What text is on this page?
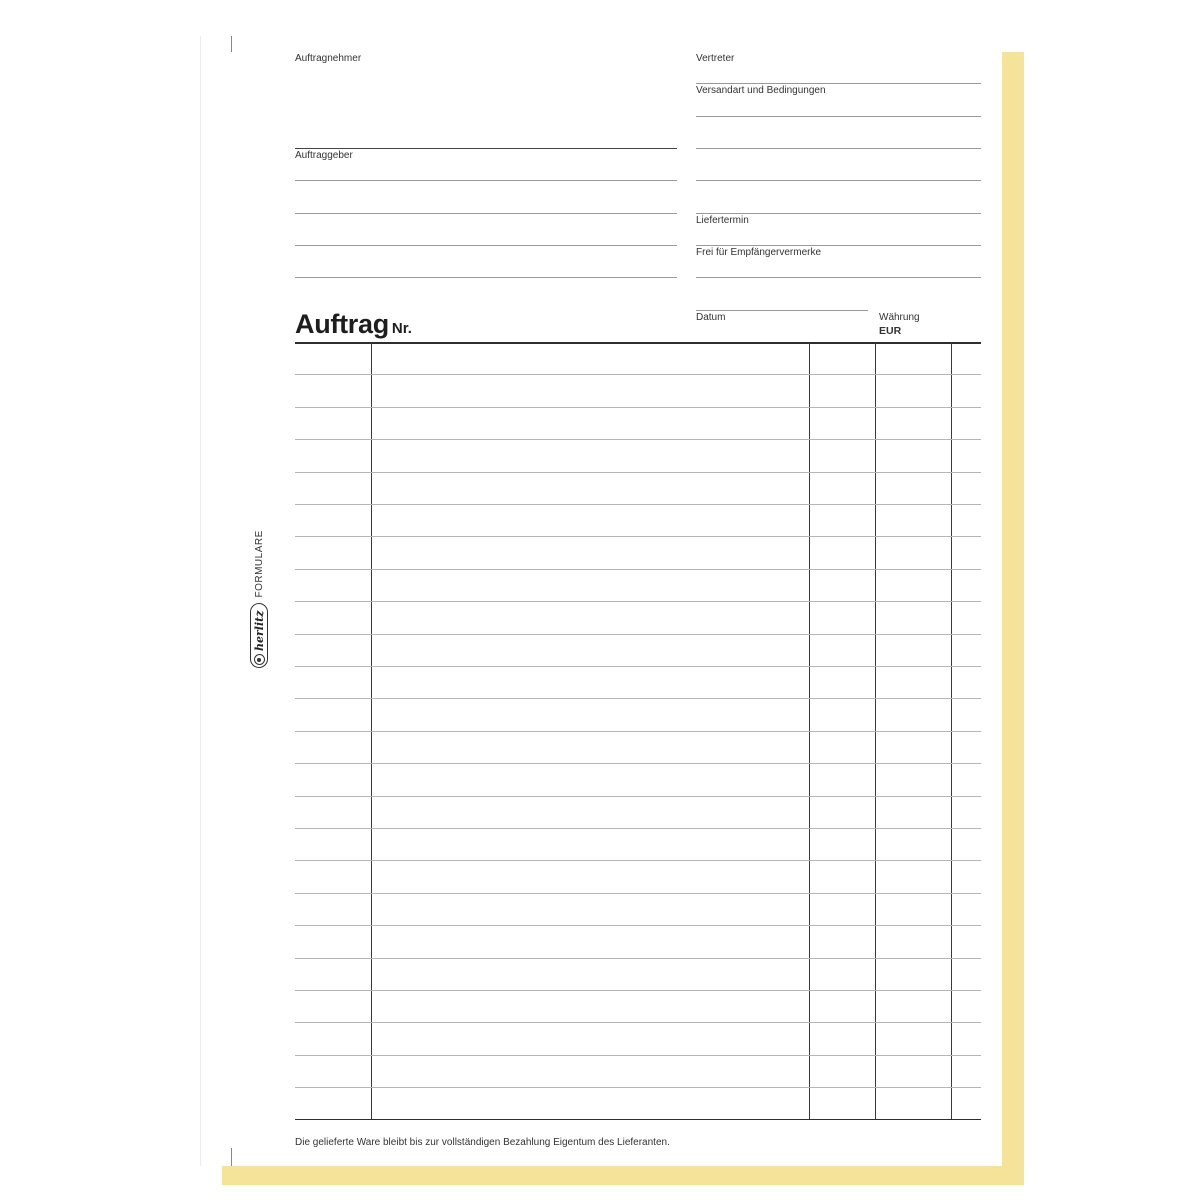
Auftragnehmer
Auftraggeber
Vertreter
Versandart und Bedingungen
Liefertermin
Frei für Empfängervermerke
Auftrag Nr.
Datum	Währung
EUR
Die gelieferte Ware bleibt bis zur vollständigen Bezahlung Eigentum des Lieferanten.
herlitz
FORMULARE
